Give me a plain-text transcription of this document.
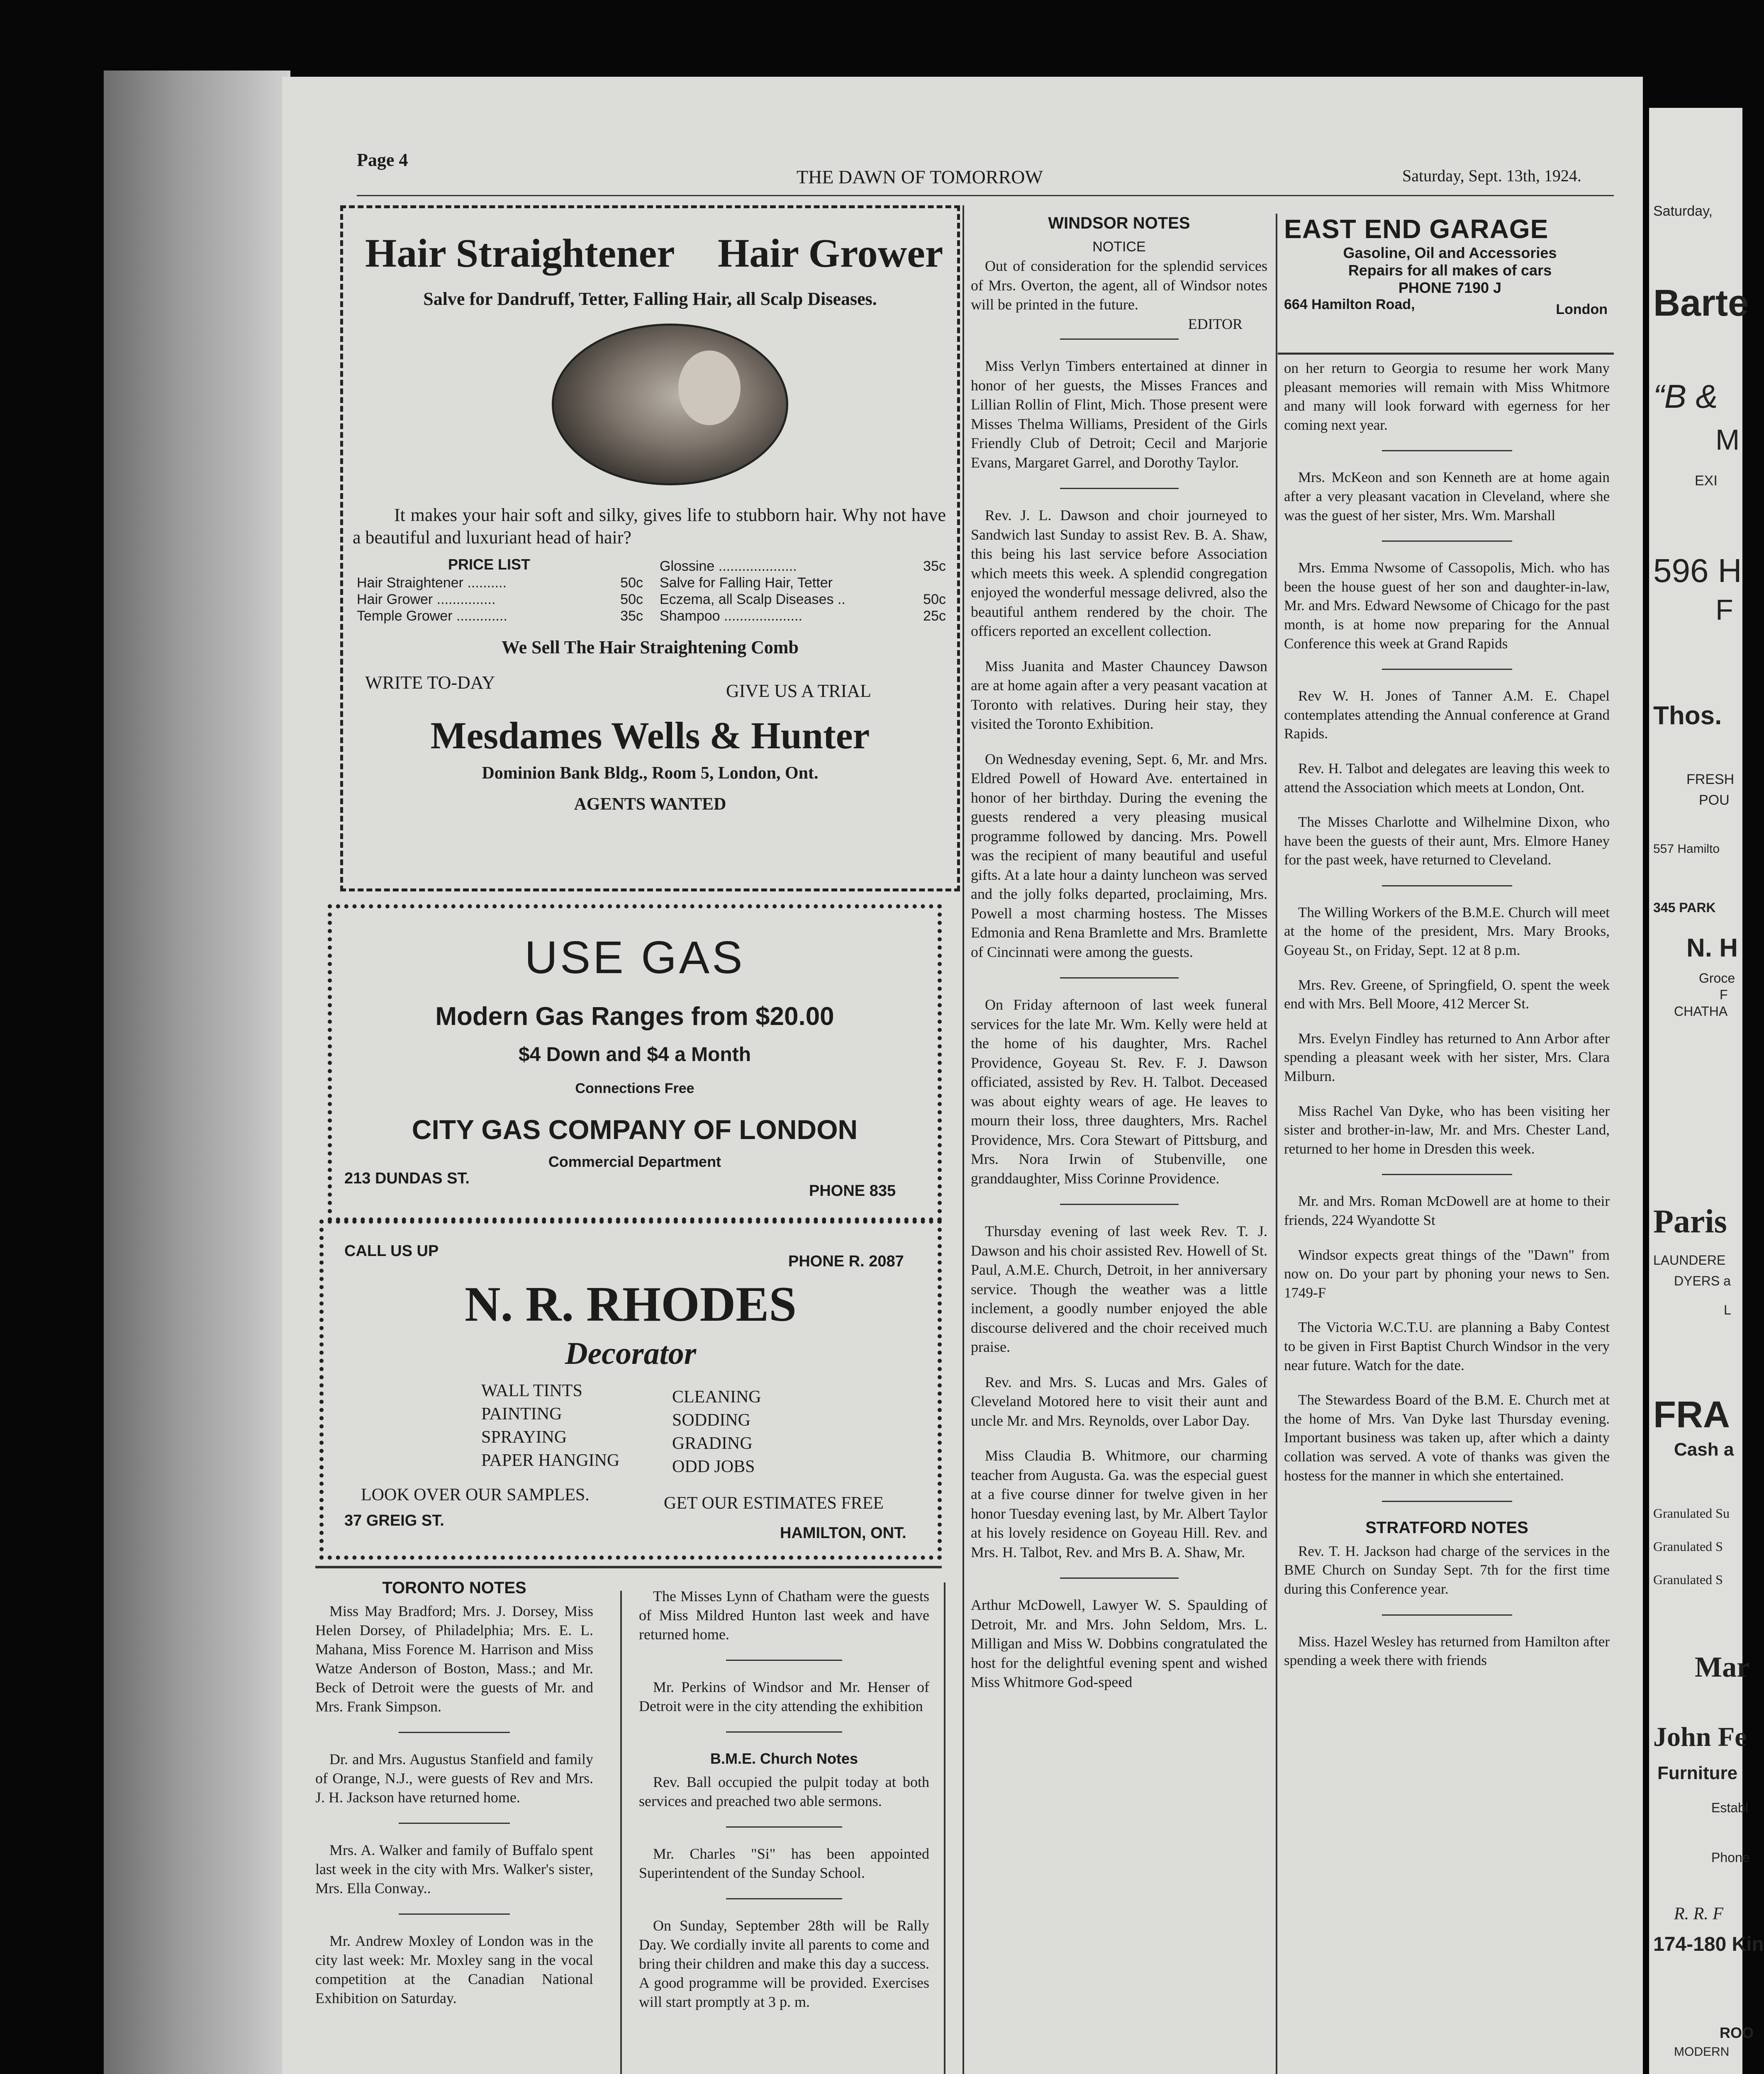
Page 4
THE DAWN OF TOMORROW	Saturday, Sept. 13th, 1924.
Hair Straightener Hair Grower
Salve for Dandruff, Tetter, Falling Hair, all Scalp Diseases.
It makes your hair soft and silky, gives life to stubborn hair. Why not have a beautiful and luxuriant head of hair?
PRICE LIST
Hair Straightener ..........	50c
Hair Grower ...............	50c
Temple Grower .............	35c
Glossine ....................	35c
Salve for Falling Hair, Tetter
Eczema, all Scalp Diseases ..	50c
Shampoo ....................	25c
We Sell The Hair Straightening Comb
WRITE TO-DAY	GIVE US A TRIAL
Mesdames Wells & Hunter
Dominion Bank Bldg., Room 5, London, Ont.
AGENTS WANTED
USE GAS
Modern Gas Ranges from $20.00
$4 Down and $4 a Month
Connections Free
CITY GAS COMPANY OF LONDON
Commercial Department
213 DUNDAS ST.
PHONE 835
CALL US UP
PHONE R. 2087
N. R. RHODES
Decorator
WALL TINTS
PAINTING
SPRAYING
PAPER HANGING
CLEANING
SODDING
GRADING
ODD JOBS
LOOK OVER OUR SAMPLES.	GET OUR ESTIMATES FREE
37 GREIG ST.
HAMILTON, ONT.
TORONTO NOTES

Miss May Bradford; Mrs. J. Dorsey, Miss Helen Dorsey, of Philadelphia; Mrs. E. L. Mahana, Miss Forence M. Harrison and Miss Watze Anderson of Boston, Mass.; and Mr. Beck of Detroit were the guests of Mr. and Mrs. Frank Simpson.

Dr. and Mrs. Augustus Stanfield and family of Orange, N.J., were guests of Rev and Mrs. J. H. Jackson have returned home.

Mrs. A. Walker and family of Buffalo spent last week in the city with Mrs. Walker's sister, Mrs. Ella Conway..

Mr. Andrew Moxley of London was in the city last week: Mr. Moxley sang in the vocal competition at the Canadian National Exhibition on Saturday.

The Misses Lynn of Chatham were the guests of Miss Mildred Hunton last week and have returned home.

Mr. Perkins of Windsor and Mr. Henser of Detroit were in the city attending the exhibition

B.M.E. Church Notes

Rev. Ball occupied the pulpit today at both services and preached two able sermons.

Mr. Charles "Si" has been appointed Superintendent of the Sunday School.

On Sunday, September 28th will be Rally Day. We cordially invite all parents to come and bring their children and make this day a success. A good programme will be provided. Exercises will start promptly at 3 p. m.

WINDSOR NOTES
NOTICE

Out of consideration for the splendid services of Mrs. Overton, the agent, all of Windsor notes will be printed in the future.

EDITOR

Miss Verlyn Timbers entertained at dinner in honor of her guests, the Misses Frances and Lillian Rollin of Flint, Mich. Those present were Misses Thelma Williams, President of the Girls Friendly Club of Detroit; Cecil and Marjorie Evans, Margaret Garrel, and Dorothy Taylor.

Rev. J. L. Dawson and choir journeyed to Sandwich last Sunday to assist Rev. B. A. Shaw, this being his last service before Association which meets this week. A splendid congregation enjoyed the wonderful message delivred, also the beautiful anthem rendered by the choir. The officers reported an excellent collection.

Miss Juanita and Master Chauncey Dawson are at home again after a very peasant vacation at Toronto with relatives. During heir stay, they visited the Toronto Exhibition.

On Wednesday evening, Sept. 6, Mr. and Mrs. Eldred Powell of Howard Ave. entertained in honor of her birthday. During the evening the guests rendered a very pleasing musical programme followed by dancing. Mrs. Powell was the recipient of many beautiful and useful gifts. At a late hour a dainty luncheon was served and the jolly folks departed, proclaiming, Mrs. Powell a most charming hostess. The Misses Edmonia and Rena Bramlette and Mrs. Bramlette of Cincinnati were among the guests.

On Friday afternoon of last week funeral services for the late Mr. Wm. Kelly were held at the home of his daughter, Mrs. Rachel Providence, Goyeau St. Rev. F. J. Dawson officiated, assisted by Rev. H. Talbot. Deceased was about eighty wears of age. He leaves to mourn their loss, three daughters, Mrs. Rachel Providence, Mrs. Cora Stewart of Pittsburg, and Mrs. Nora Irwin of Stubenville, one granddaughter, Miss Corinne Providence.

Thursday evening of last week Rev. T. J. Dawson and his choir assisted Rev. Howell of St. Paul, A.M.E. Church, Detroit, in her anniversary service. Though the weather was a little inclement, a goodly number enjoyed the able discourse delivered and the choir received much praise.

Rev. and Mrs. S. Lucas and Mrs. Gales of Cleveland Motored here to visit their aunt and uncle Mr. and Mrs. Reynolds, over Labor Day.

Miss Claudia B. Whitmore, our charming teacher from Augusta. Ga. was the especial guest at a five course dinner for twelve given in her honor Tuesday evening last, by Mr. Albert Taylor at his lovely residence on Goyeau Hill. Rev. and Mrs. H. Talbot, Rev. and Mrs B. A. Shaw, Mr.

Arthur McDowell, Lawyer W. S. Spaulding of Detroit, Mr. and Mrs. John Seldom, Mrs. L. Milligan and Miss W. Dobbins congratulated the host for the delightful evening spent and wished Miss Whitmore God-speed

EAST END GARAGE
Gasoline, Oil and Accessories
Repairs for all makes of cars
PHONE 7190 J
664 Hamilton Road,	London

on her return to Georgia to resume her work Many pleasant memories will remain with Miss Whitmore and many will look forward with egerness for her coming next year.

Mrs. McKeon and son Kenneth are at home again after a very pleasant vacation in Cleveland, where she was the guest of her sister, Mrs. Wm. Marshall

Mrs. Emma Nwsome of Cassopolis, Mich. who has been the house guest of her son and daughter-in-law, Mr. and Mrs. Edward Newsome of Chicago for the past month, is at home now preparing for the Annual Conference this week at Grand Rapids

Rev W. H. Jones of Tanner A.M. E. Chapel contemplates attending the Annual conference at Grand Rapids.

Rev. H. Talbot and delegates are leaving this week to attend the Association which meets at London, Ont.

The Misses Charlotte and Wilhelmine Dixon, who have been the guests of their aunt, Mrs. Elmore Haney for the past week, have returned to Cleveland.

The Willing Workers of the B.M.E. Church will meet at the home of the president, Mrs. Mary Brooks, Goyeau St., on Friday, Sept. 12 at 8 p.m.

Mrs. Rev. Greene, of Springfield, O. spent the week end with Mrs. Bell Moore, 412 Mercer St.

Mrs. Evelyn Findley has returned to Ann Arbor after spending a pleasant week with her sister, Mrs. Clara Milburn.

Miss Rachel Van Dyke, who has been visiting her sister and brother-in-law, Mr. and Mrs. Chester Land, returned to her home in Dresden this week.

Mr. and Mrs. Roman McDowell are at home to their friends, 224 Wyandotte St

Windsor expects great things of the "Dawn" from now on. Do your part by phoning your news to Sen. 1749-F

The Victoria W.C.T.U. are planning a Baby Contest to be given in First Baptist Church Windsor in the very near future. Watch for the date.

The Stewardess Board of the B.M. E. Church met at the home of Mrs. Van Dyke last Thursday evening. Important business was taken up, after which a dainty collation was served. A vote of thanks was given the hostess for the manner in which she entertained.

STRATFORD NOTES

Rev. T. H. Jackson had charge of the services in the BME Church on Sunday Sept. 7th for the first time during this Conference year.

Miss. Hazel Wesley has returned from Hamilton after spending a week there with friends

Saturday,
Barte
“B &
M
EXI
596 H
F
Thos.
FRESH
POU
557 Hamilto
345 PARK
N. H
Groce
F
CHATHA
Paris
LAUNDERE
DYERS a
L
FRA
Cash a
Granulated Su
Granulated S
Granulated S
Mar
John Fe
Furniture
Establ
Phone
R. R. F
174-180 Kin
ROO
MODERN
